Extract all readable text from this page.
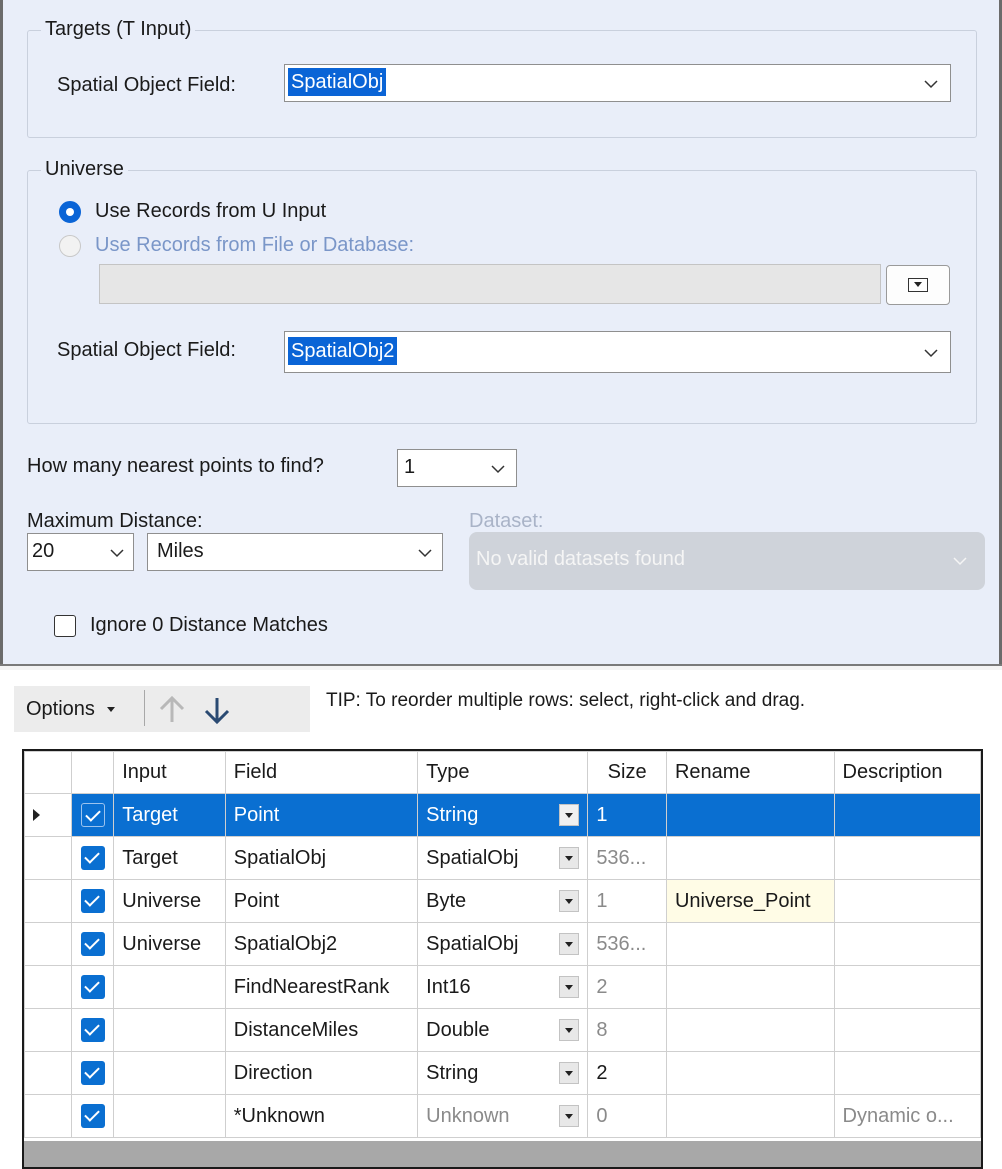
Targets (T Input)
Spatial Object Field:	SpatialObj
Universe
Use Records from U Input
Use Records from File or Database:
Spatial Object Field:	SpatialObj2
How many nearest points to find?	1
Maximum Distance:
20	Miles
Dataset:
No valid datasets found
Ignore 0 Distance Matches
Options	TIP: To reorder multiple rows: select, right-click and drag.
		Input	Field	Type	Size	Rename	Description

	Target	Point	String	1		

	Target	SpatialObj	SpatialObj	536...		

	Universe	Point	Byte	1	Universe_Point	

	Universe	SpatialObj2	SpatialObj	536...		

		FindNearestRank	Int16	2		

		DistanceMiles	Double	8		

		Direction	String	2		

		*Unknown	Unknown	0		Dynamic o...
